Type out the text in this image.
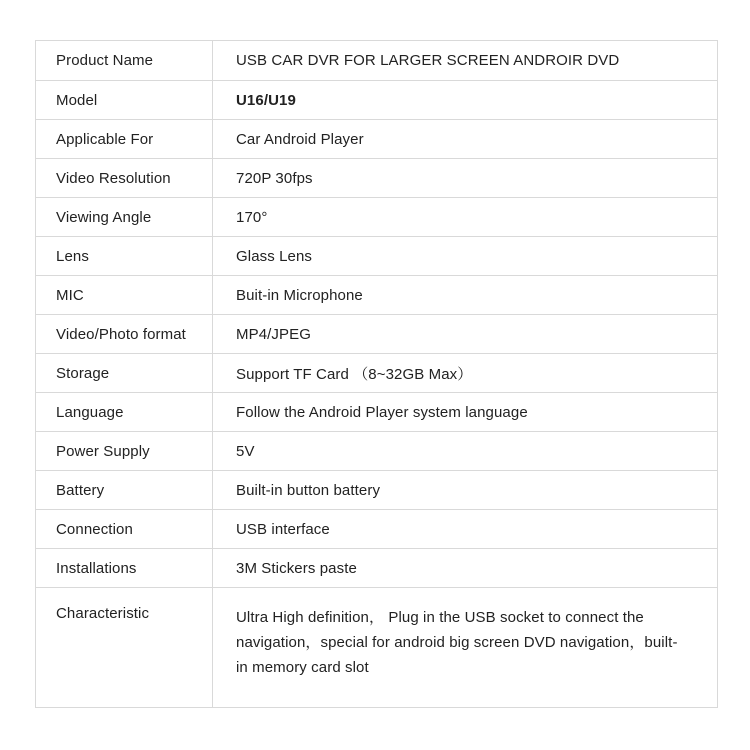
Product Name	USB CAR DVR FOR LARGER SCREEN ANDROIR DVD
Model	U16/U19
Applicable For	Car Android Player
Video Resolution	720P 30fps
Viewing Angle	170°
Lens	Glass Lens
MIC	Buit-in Microphone
Video/Photo format	MP4/JPEG
Storage	Support TF Card （8~32GB Max）
Language	Follow the Android Player system language
Power Supply	5V
Battery	Built-in button battery
Connection	USB interface
Installations	3M Stickers paste
Characteristic	Ultra High definition， Plug in the USB socket to connect the navigation，special for android big screen DVD navigation，built-in memory card slot
